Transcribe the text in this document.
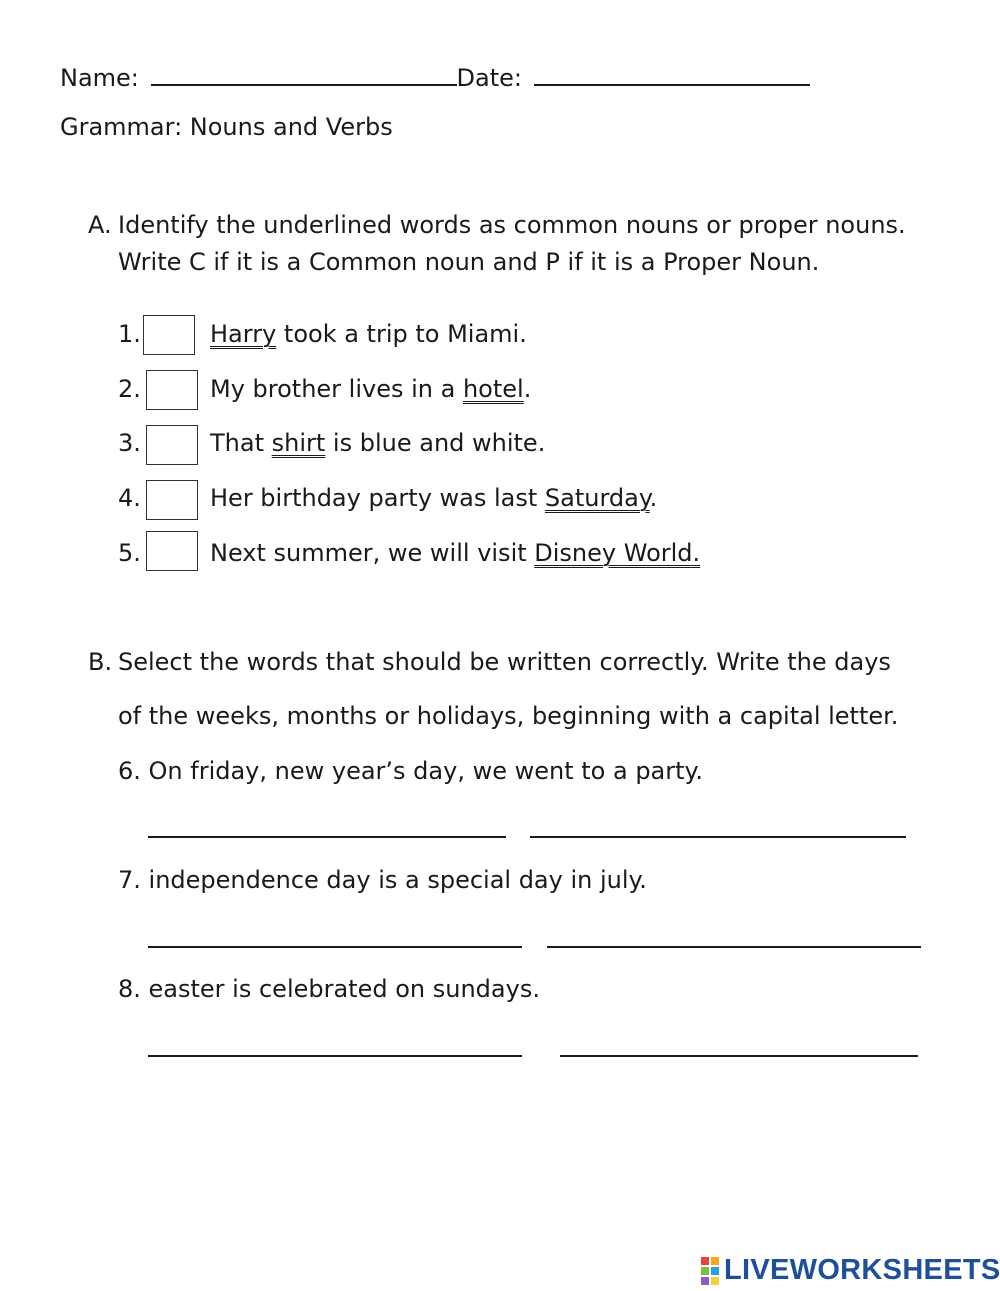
Name:	Date:
Grammar: Nouns and Verbs
A. Identify the underlined words as common nouns or proper nouns.
Write C if it is a Common noun and P if it is a Proper Noun.
1.	Harry took a trip to Miami.
2.	My brother lives in a hotel.
3.	That shirt is blue and white.
4.	Her birthday party was last Saturday.
5.	Next summer, we will visit Disney World.
B. Select the words that should be written correctly. Write the days
of the weeks, months or holidays, beginning with a capital letter.
6. On friday, new year’s day, we went to a party.
7. independence day is a special day in july.
8. easter is celebrated on sundays.
LIVEWORKSHEETS
